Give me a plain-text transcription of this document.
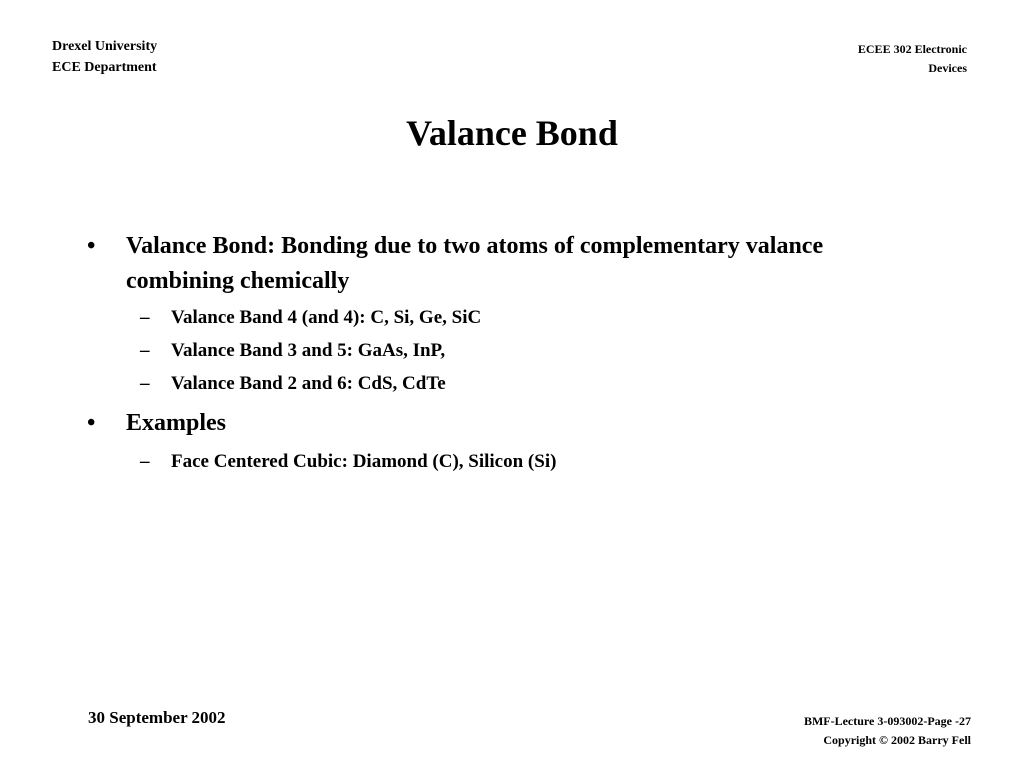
Drexel University
ECE Department
ECEE 302 Electronic
Devices
Valance Bond
• Valance Bond: Bonding due to two atoms of complementary valance combining chemically
– Valance Band 4 (and 4): C, Si, Ge, SiC
– Valance Band 3 and 5: GaAs, InP,
– Valance Band 2 and 6: CdS, CdTe
• Examples
– Face Centered Cubic: Diamond (C), Silicon (Si)
30 September 2002	BMF-Lecture 3-093002-Page -27
Copyright © 2002 Barry Fell
